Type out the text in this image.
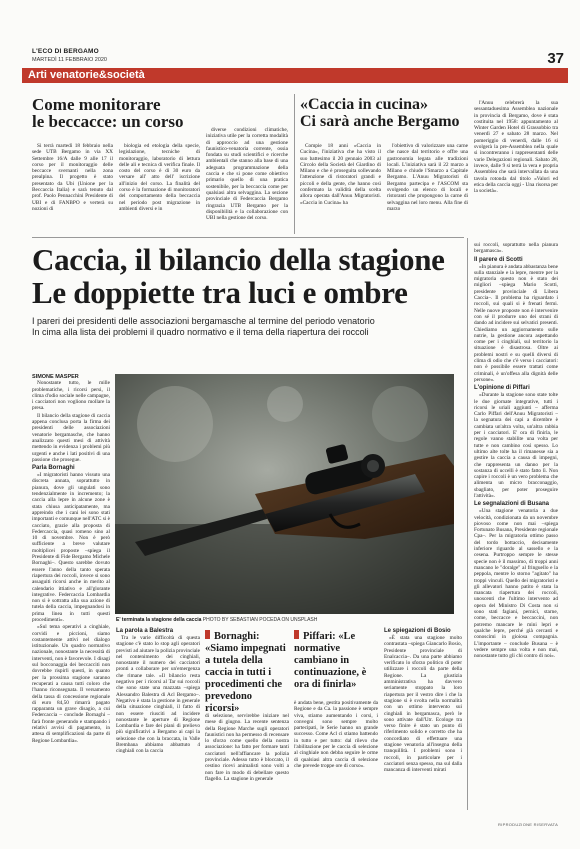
L'ECO DI BERGAMO
MARTEDÌ 11 FEBBRAIO 2020	37
Arti venatorie&società
Come monitorare
le beccacce: un corso

Si terrà martedì 18 febbraio nella sede UTB Bergamo in via XX Settembre 16/A dalle 9 alle 17 il corso per il monitoraggio delle beccacce svernanti nella zona prealpina. Il progetto è stato presentato da Ubi (Unione per la Beccaccia Italia) e sarà tenuto dal prof. Paolo Pennacchini Presidente di UBI e di FANBPO e verterà su nozioni di

biologia ed etologia della specie, legislazione, tecniche di monitoraggio, laboratorio di lettura delle ali e tecnica di verifica finale. Il costo del corso è di 30 euro da versare all' atto dell' iscrizione all'inizio del corso. La finalità del corso è la formazione di monitoratori del comportamento della beccaccia nel periodo post migrazione in ambienti diversi e in

diverse condizioni climatiche, iniziativa utile per la corretta modalità di approccio ad una gestione faunistico-venatoria corrente, ossia fondata su studi scientifici e ricerche ambientali che stanno alla base di una adeguata programmazione della caccia e che si pone come obiettivo primario quello di una pratica sostenibile, per la beccaccia come per qualsiasi altra selvaggina. La sezione provinciale di Federcaccia Bergamo ringrazia UTB Bergamo per la disponibilità e la collaborazione con UBI nella gestione del corso.

«Caccia in cucina»
Ci sarà anche Bergamo

Compie 18 anni «Caccia in Cucina», l'iniziativa che ha visto il suo battesimo il 20 gennaio 2003 al Circolo della Società del Giardino di Milano e che è proseguita sollevando l'attenzione di ristoratori grandi e piccoli e della gente, che hanno così confermato la validità della scelta allora operata dall'Anuu Migratoristi. «Caccia in Cucina» ha

l'obiettivo di valorizzare una carne che nasce dal territorio e offre una gastronomia legata alle tradizioni locali. L'iniziativa sarà il 22 marzo a Milano e chiude l'Smarzo a Capitale Bergamo. L'Anuu Migratoristi di Bergamo partecipa e l'ASCOM sta svolgendo un elenco di locali e ristoranti che propongono la carne di selvaggina nel loro menu. Alla fine di marzo

l'Anuu celebrerà la sua sessantaduesima Assemblea nazionale in provincia di Bergamo, dove è stata costituita nel 1958: appuntamento al Winter Garden Hotel di Grassobbio tra venerdì 27 e sabato 28 marzo. Nel pomeriggio di venerdì, dalle 16 si svolgerà la pre-Assemblea nella quale si incontreranno i rappresentanti delle varie Delegazioni regionali. Sabato 28, invece, dalle 9 si terrà la vera e propria Assemblea che sarà intervallata da una tavola rotonda dal titolo «Valori ed etica della caccia oggi - Una risorsa per la società».

Caccia, il bilancio della stagione
Le doppiette tra luci e ombre
I pareri dei presidenti delle associazioni bergamasche al termine del periodo venatorio
In cima alla lista dei problemi il quadro normativo e il tema della riapertura dei roccoli

sui roccoli, soprattutto nella pianura bergamasca».

Il parere di Scotti

«In pianura è andata abbastanza bene sulla stanziale e la lepre, mentre per la migratoria questo non è stato dei migliori –spiega Mario Scotti, presidente provinciale di Libera Caccia–. Il problema ha riguardato i roccoli, sui quali si è frenati fermi. Nelle nuove proposte non è intervenire con sé il produrre uno dei strani di dando ad incidere sui selvatici presenti. Chiediamo un aggiornamento sulle nutrie, la gestione ancora aspettando come per i cinghiali, sul territorio la situazione è disastrosa. Oltre ai problemi nostri e su quelli diversi di clima di odio che c'è verso i cacciatori: non è possibile essere trattati come criminali, è un'offesa alla dignità delle persone».

L'opinione di Piffari

«Durante la stagione sono state tolte le due giornate integrative, tutti i ricorsi le uriali aggiunti – afferma Carlo Piffari dell'Anuu Migratoristi – la segnatura dei capi a dicembre è cambiata un'altra volta, un'altra rabbia per i cacciatori. E' ora di finirla, le regole vanno stabilite una volta per tutte e non cambino così spesso. Lo ultimo alte tolte ha il rimanesse sia a gestire la caccia a causa di impegni, che rappresenta un danno per la sostanza di uccelli è stato fatto lì. Non capire i roccoli è un vero problema che alimenta un micro bracconaggio, sbagliato, per poter proseguire l'attività».

Le segnalazioni di Busana

«Una stagione venatoria a due velocità, condizionata da un novembre piovoso come non mai –spiega Fortunato Busana, Presidente regionale Cpa–. Per la migratoria ottimo passo del tordo bottaccio, decisamente inferiore riguardo al sassello e la cesena. Purtroppo sempre le stesse specie non è il massimo, di troppi anni mancano le "doralge" al fringuello e la peppola, mentre lo storno "agitato" ha troppi vinculi. Quello dei migratoristi e gli allevatori hanno patito è stata la mancata riapertura dei roccoli, unoscenti che l'ultimo intervento ad opera del Ministro Di Costa non si sono stati fagiani, pernici, starne, come, beccacce e beccaccini, non potremo mancare le mini lepri e qualche lepre, perché già cercasti e conoscimi in gioiosa compagnia. L'importante – conclude Busana – è vedere sempre una volta e non mai, nonostante tutto gli chi contro di noi».

SIMONE MASPER

Nonostante tutto, le mille problematiche, i ricorsi persi, il clima d'odio sociale nelle campagne, i cacciatori non vogliono mollare la presa.

Il bilancio della stagione di caccia appena conclusa porta la firma dei presidenti delle associazioni venatorie bergamasche, che hanno analizzato questi mesi di attività mettendo in evidenza i problemi più urgenti e anche i lati positivi di una passione che prosegue.

Parla Bornaghi

«I migratoristi hanno vissuto una discreta annata, soprattutto in pianura, dove gli ungulati sono tendenzialmente in incremento; la caccia alla lepre in alcune zone è stata chiusa anticipatamente, ma appreindo che i cani lei sono stati importanti e comunque nell'ATC si è cacciato, grazie alla proposta di Federcaccia, quasi romeno sino al 10 di novembre. Non è però sufficiente a breve valutare moltiplicei proposte –spiega il Presidente di Fide Bergamo Michele Bornaghi–. Questo sarebbe dovuto essere l'anno della tanto sperata riapertura dei roccoli, invece si sono assaguiti ricorsi anche in merito al calendario ittiativo e all'glorante integrative. Federcaccia Lombardia non si è sottratta alla sua azione di tutela della caccia, impegnandosi in prima linea in tutti questi procedimenti».

«Sul tema operativi a cinghiale, corvidi e piccioni, siamo costantemente attivi nel dialogo istituzionale. Un quadro normativo nazionale, nonostante la necessità di interventi, non è favorevole. I disagi sul bocconaggia dei beccacciti non dovrebbe rispirli questi, in quanto per la prossima stagione saranno recuperati a causa tutti coloro che l'hanno riconsegnata. Il versamento della tassa di concessione regionale di euro 84,50 rimarrà pagato rapparanta un grave disagio, a cui Federcaccia – conclude Bornaghi – farà fronte generando e stampando i relativi avvisi di pagamento, in attesa di semplificazioni da parte di Regione Lombardia».

E' terminata la stagione della caccia PHOTO BY SEBASTIAN POCEDA ON UNSPLASH
La parola a Balestra

Tra le varie difficoltà di questa stagione c'è stato lo stop agli operatori previsti ad aiutare la polizia provinciale nel contenimento dei cinghiali, nonostante il numero dei cacciatori pronti a collaborare per un'emergenza che rimane tale. «Il bilancio resta negativo per i ricorsi al Tar sui roccoli che sono state una mazzata –spiega Alessandro Balestra di Acl Bergamo–. Negativo è stata la gestione in generale della situazione cinghiali, il fatto di non essere riusciti ad incidere nonostante le aperture di Regione Lombardia e fare dei piani di prelievo più significativi a Bergamo ai capi la selezione che con la braccata, in Valle Brembana abbiamo abbattuto 4 cinghiali con la caccia

Bornaghi: «Siamo impegnati a tutela della caccia in tutti i procedimenti che prevedono ricorsi»

di selezione, servirebbe iniziare nel mese di giugno. La recente sentenza della Regione Marche sugli operatori faunistici non ha permesso di recensare lo sforzo come quello della nostra associazione: ha fatto per formare tanti cacciatori nell'affiancare la polizia provinciale. Adesso tutto è bloccato, il cestino ricevi animalisti sono volti a non fare in modo di debellare questo flagello. La stagione in generale

Piffari: «Le normative cambiano in continuazione, è ora di finirla»

è andata bene, gestita positivamente da Regione e da Ca. la passione è sempre viva, stiamo aumentando i corsi, i convegni sono sempre molto partecipati, le Serie hanno un grande successo. Come Acl ci stiamo battendo in tutto e per tutto: dal rilevo che l'abilitazione per le caccia di selezione al cinghiale non debba seguire le orme di qualsiasi altra caccia di selezione che prevede troppe ore di corso».

Le spiegazioni di Bosio

«È stata una stagione molto contrastata –spiega Giancarlo Bosio, Presidente provinciale di Enalcaccia–. Da una parte abbiamo verificato lo sforzo politico di poter utilizzare i roccoli da parte della Regione. La giustizia amministrativa ha davvero seriamente stoppato la loro riapertura per il vestro dire i che la stagione si è svolta nella normalità con un ottimo intervento sui cinghiali in bergamasca, però le sono attivate dall'Utr. Ecologe tra verso finire è stato un punto di riferimento solido e corretto che ha concordiato di effettuare una stagione venatoria all'insegna della tranquillità. I problemi sono i roccoli, in particolare per i cacciatori senza spesso, ma sul dalla mancanza di interventi mirati

RIPRODUZIONE RISERVATA
